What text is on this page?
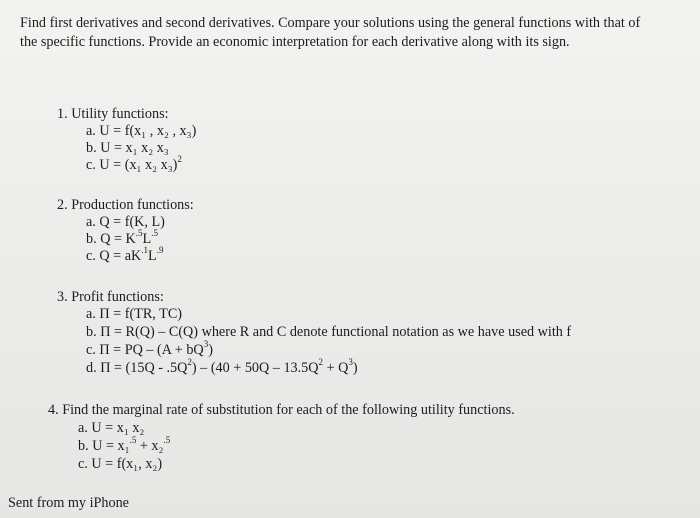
Find first derivatives and second derivatives. Compare your solutions using the general functions with that of
the specific functions. Provide an economic interpretation for each derivative along with its sign.

1. Utility functions:
a. U = f(x₁ , x₂ , x₃)
b. U = x₁ x₂ x₃
c. U = (x₁ x₂ x₃)$^2$
2. Production functions:
a. Q = f(K, L)
b. $Q = K^{.5}L^{.5}$
c. $Q = aK^{.1}L^{.9}$
3. Profit functions:
a. Π = f(TR, TC)
b. Π = R(Q) – C(Q) where R and C denote functional notation as we have used with f
c. Π = PQ – $(A + bQ^3)$
d. $\Pi = (15Q - .5Q^2) - (40 + 50Q - 13.5Q^2 + Q^3)$
4. Find the marginal rate of substitution for each of the following utility functions.
a. U = x₁ x₂
b. U = x₁$^{.5}$ + x₂$^{.5}$
c. U = f(x₁, x₂)
Sent from my iPhone
